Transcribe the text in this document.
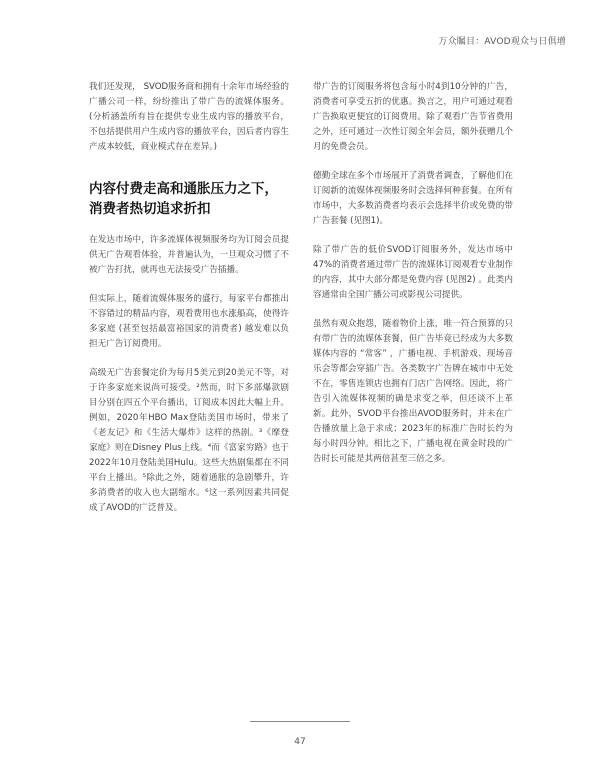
万众瞩目：AVOD观众与日俱增

我们还发现， SVOD服务商和拥有十余年市场经验的广播公司一样，纷纷推出了带广告的流媒体服务。(分析涵盖所有旨在提供专业生成内容的播放平台，不包括提供用户生成内容的播放平台，因后者内容生产成本较低，商业模式存在差异。)

内容付费走高和通胀压力之下，消费者热切追求折扣

在发达市场中，许多流媒体视频服务均为订阅会员提供无广告观看体验，并普遍认为，一旦观众习惯了不被广告打扰，就再也无法接受广告插播。

但实际上，随着流媒体服务的盛行，每家平台都推出不容错过的精品内容，观看费用也水涨船高，使得许多家庭 (甚至包括最富裕国家的消费者) 越发难以负担无广告订阅费用。

高级无广告套餐定价为每月5美元到20美元不等，对于许多家庭来说尚可接受。²然而，时下多部爆款剧目分别在四五个平台播出，订阅成本因此大幅上升。例如，2020年HBO Max登陆美国市场时，带来了《老友记》和《生活大爆炸》这样的热剧。³《摩登家庭》则在Disney Plus上线。⁴而《富家穷路》也于2022年10月登陆美国Hulu。这些大热剧集都在不同平台上播出。⁵除此之外，随着通胀的急剧攀升，许多消费者的收入也大副缩水。⁶这一系列因素共同促成了AVOD的广泛普及。

带广告的订阅服务将包含每小时4到10分钟的广告，消费者可享受五折的优惠。换言之，用户可通过观看广告换取更便宜的订阅费用。除了观看广告节省费用之外，还可通过一次性订阅全年会员，额外获赠几个月的免费会员。

德勤全球在多个市场展开了消费者调查，了解他们在订阅新的流媒体视频服务时会选择何种套餐。在所有市场中，大多数消费者均表示会选择半价或免费的带广告套餐 (见图1)。

除了带广告的低价SVOD订阅服务外，发达市场中47%的消费者通过带广告的流媒体订阅观看专业制作的内容，其中大部分都是免费内容 (见图2) 。此类内容通常由全国广播公司或影视公司提供。

虽然有观众抱怨，随着物价上涨，唯一符合预算的只有带广告的流媒体套餐，但广告毕竟已经成为大多数媒体内容的 “常客” ，广播电视、手机游戏、现场音乐会等都会穿插广告。各类数字广告牌在城市中无处不在，零售连锁店也拥有门店广告网络。因此，将广告引入流媒体视频的确是求变之举，但还谈不上革新。此外，SVOD平台推出AVOD服务时，并未在广告播放量上急于求成；2023年的标准广告时长约为每小时四分钟。相比之下，广播电视在黄金时段的广告时长可能是其两倍甚至三倍之多。

47
